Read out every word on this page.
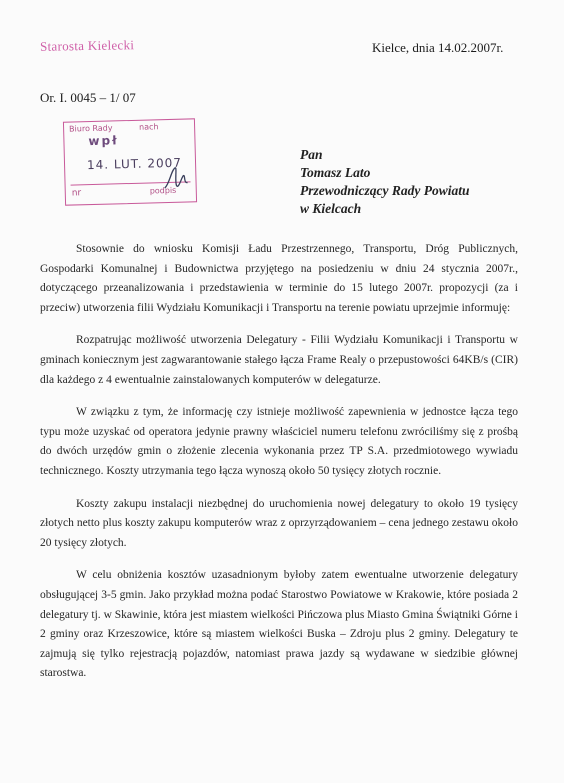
Starosta Kielecki	Kielce, dnia 14.02.2007r.
Or. I. 0045 – 1/ 07
Biuro Rady	nach
wpł
14. LUT. 2007
nr	podpis
Pan
Tomasz Lato
Przewodniczący Rady Powiatu
w Kielcach

Stosownie do wniosku Komisji Ładu Przestrzennego, Transportu, Dróg Publicznych, Gospodarki Komunalnej i Budownictwa przyjętego na posiedzeniu w dniu 24 stycznia 2007r., dotyczącego przeanalizowania i przedstawienia w terminie do 15 lutego 2007r. propozycji (za i przeciw) utworzenia filii Wydziału Komunikacji i Transportu na terenie powiatu uprzejmie informuję:

Rozpatrując możliwość utworzenia Delegatury - Filii Wydziału Komunikacji i Transportu w gminach koniecznym jest zagwarantowanie stałego łącza Frame Realy o przepustowości 64KB/s (CIR) dla każdego z 4 ewentualnie zainstalowanych komputerów w delegaturze.

W związku z tym, że informację czy istnieje możliwość zapewnienia w jednostce łącza tego typu może uzyskać od operatora jedynie prawny właściciel numeru telefonu zwróciliśmy się z prośbą do dwóch urzędów gmin o złożenie zlecenia wykonania przez TP S.A. przedmiotowego wywiadu technicznego. Koszty utrzymania tego łącza wynoszą około 50 tysięcy złotych rocznie.

Koszty zakupu instalacji niezbędnej do uruchomienia nowej delegatury to około 19 tysięcy złotych netto plus koszty zakupu komputerów wraz z oprzyrządowaniem – cena jednego zestawu około 20 tysięcy złotych.

W celu obniżenia kosztów uzasadnionym byłoby zatem ewentualne utworzenie delegatury obsługującej 3-5 gmin. Jako przykład można podać Starostwo Powiatowe w Krakowie, które posiada 2 delegatury tj. w Skawinie, która jest miastem wielkości Pińczowa plus Miasto Gmina Świątniki Górne i 2 gminy oraz Krzeszowice, które są miastem wielkości Buska – Zdroju plus 2 gminy. Delegatury te zajmują się tylko rejestracją pojazdów, natomiast prawa jazdy są wydawane w siedzibie głównej starostwa.
